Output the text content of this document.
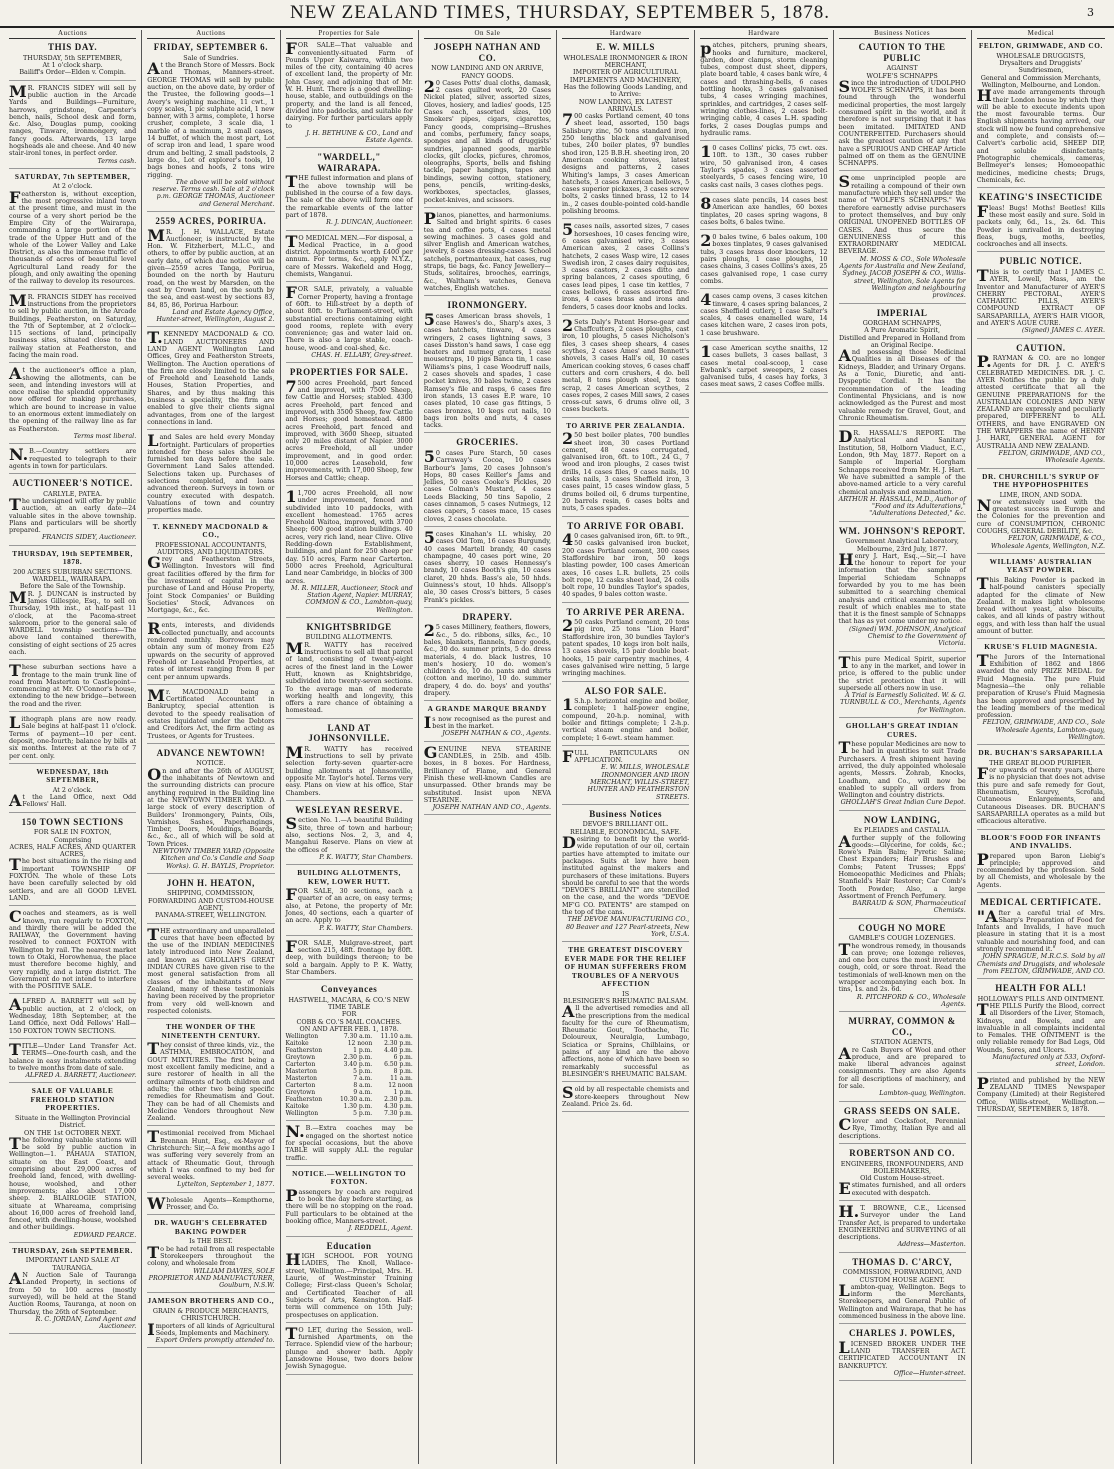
NEW ZEALAND TIMES, THURSDAY, SEPTEMBER 5, 1878.	3
Auctions
THIS DAY.
THURSDAY, 5th SEPTEMBER,
At 1 o'clock sharp.
Bailiff's Order—Elden v. Compin.
MR. FRANCIS SIDEY will sell by public auction in the Arcade Yards and Buildings—Furniture, harrows, grindstone, Carpenter's bench, nails, School desk and form, &c. Also, Douglas pump, cooking ranges, Tinware, ironmongery, and fancy goods. Afterwards, 13 large hogsheads ale and cheese. And 40 new stair-ironl tones, in perfect order.
Terms cash.
SATURDAY, 7th SEPTEMBER,
At 2 o'clock.
Featherston is, without exception, the most progressive inland town at the present time, and must in the course of a very short period be the Empire City of the Wairarapa, commanding a large portion of the trade of the Upper Hutt and of the whole of the Lower Valley and Lake District, as also the immense traffic of thousands of acres of beautiful level Agricultural Land ready for the plough, and only awaiting the opening of the railway to develop its resources.
MR. FRANCIS SIDEY has received instructions from the proprietors to sell by public auction, in the Arcade Buildings, Featherston, on Saturday, the 7th of September, at 2 o'clock—115 sections of land, principally business sites, situated close to the railway station at Featherston, and facing the main road.
At the auctioneer's office a plan, showing the allotments, can be seen, and intending investors will at once realise the splendid opportunity now offered for making purchases, which are bound to increase in value to an enormous extent immediately on the opening of the railway line as far as Featherston.
Terms most liberal.
N.B.—Country settlers are requested to telegraph to their agents in town for particulars.
AUCTIONEER'S NOTICE.
CARLYLE, PATEA.
The undersigned will offer by public auction, at an early date—24 valuable sites in the above township. Plans and particulars will be shortly prepared.
FRANCIS SIDEY, Auctioneer.
THURSDAY, 19th SEPTEMBER, 1878.
200 ACRES SUBURBAN SECTIONS.
WARDELL, WAIRARAPA.
Before the Sale of the Township.
MR. J. DUNCAN is instructed by James Gillespie, Esq., to sell on Thursday, 19th inst., at half-past 11 o'clock, at the Pacoma-street saleroom, prior to the general sale of WARDELL township sections—The above land contained therewith, consisting of eight sections of 25 acres each.
These suburban sections have a frontage to the main trunk line of road from Masterton to Castlepoint—commencing at Mr. O'Connor's house, extending to the new bridge—between the road and the river.
Lithograph plans are now ready. Sale begins at half-past 11 o'clock. Terms of payment—10 per cent. deposit, one-fourth; balance by bills at six months. Interest at the rate of 7 per cent. only.
WEDNESDAY, 18th SEPTEMBER,
At 2 o'clock.
At the Land Office, next Odd Fellows' Hall.
150 TOWN SECTIONS
FOR SALE IN FOXTON,
Comprising
ACRES, HALF ACRES, AND QUARTER ACRES,
The best situations in the rising and important TOWNSHIP OF FOXTON. The whole of these Lots have been carefully selected by old settlers, and are all GOOD LEVEL LAND.
Coaches and steamers, as is well known, run regularly to FOXTON, and thirdly there will be added the RAILWAY, the Government having resolved to connect FOXTON with Wellington by rail. The nearest market town to Otaki, Horowhenua, the place must therefore become highly, and very rapidly, and a large district. The Government do not intend to interfere with the POSITIVE SALE.
ALFRED A. BARRETT will sell by public auction, at 2 o'clock, on Wednesday, 18th September, at the Land Office, next Odd Fellows' Hall—150 FOXTON TOWN SECTIONS.
TITLE—Under Land Transfer Act. TERMS—One-fourth cash, and the balance in easy instalments extending to twelve months from date of sale.
ALFRED A. BARRETT, Auctioneer.
SALE OF VALUABLE FREEHOLD STATION PROPERTIES.
Situate in the Wellington Provincial District.
ON THE 1st OCTOBER NEXT.
The following valuable stations will be sold by public auction in Wellington—1. PAHAUA STATION, situate on the East Coast, and comprising about 29,000 acres of freehold land, fenced, with dwelling-house, woolshed, and other improvements; also about 17,000 sheep. 2. BLAIRLOGIE STATION, situate at Whareama, comprising about 16,000 acres of freehold land, fenced, with dwelling-house, woolshed and other buildings.
EDWARD PEARCE.
THURSDAY, 26th SEPTEMBER.
IMPORTANT LAND SALE AT TAURANGA.
AN Auction Sale of Tauranga Landed Property, in sections of from 50 to 100 acres (mostly surveyed), will be held at the Stand Auction Rooms, Tauranga, at noon on Thursday, the 26th of September.
R. C. JORDAN, Land Agent and Auctioneer.
Auctions
FRIDAY, SEPTEMBER 6.
Sale of Sundries.
At the Branch Store of Messrs. Bock and Thomas, Manners-street. GEORGE THOMAS will sell by public auction, on the above date, by order of the Trustee, the following goods—1 Avery's weighing machine, 11 cwt., 1 copy scales, 1 pic sulphate acid, 1 new banner, with 3 arms, complete, 1 horse crusher, complete, 3 scale dia, 1 marble of a maximum, 2 small cases, 14 buffet, of which the most part, Lot of scrap iron and lead, 1 spare wood drum and belting, 2 small padstools, 2 large do., Lot of explorer's tools, 10 bags bones and hoofs, 2 tons wire rigging.
The above will be sold without reserve. Terms cash. Sale at 2 o'clock p.m. GEORGE THOMAS, Auctioneer and General Merchant.
2559 ACRES, PORIRUA.
MR. J. H. WALLACE, Estate Auctioneer, is instructed by the Hon. W. Fitzherbert, M.L.C., and others, to offer by public auction, at an early date, of which due notice will be given—2559 acres Tanga, Porirua, bounded on the north by Hauturu road, on the west by Marsden, on the east by Crown land, on the south by the sea, and east-west by sections 83, 84, 85, 86, Porirua Harbour.
Land and Estate Agency Office, Hunter-street, Wellington, August 2.
T.KENNEDY MACDONALD & CO. LAND AUCTIONEERS AND LAND AGENT Wellington Land Offices, Grey and Featherston Streets, Wellington. The Auction operations of the firm are closely limited to the sale of Freehold and Leasehold Lands, Houses, Station Properties, and Shares, and by thus making this business a speciality, the firm are enabled to give their clients signal advantages, from one of the largest connections in land.
Land Sales are held every Monday fortnight. Particulars of properties intended for these sales should be furnished ten days before the sale. Government Land Sales attended. Selections taken up. Purchases of selections completed, and loans advanced thereon. Surveys in town or country executed with despatch. Valuations of town and country properties made.
T. KENNEDY MACDONALD & CO.,
PROFESSIONAL ACCOUNTANTS, AUDITORS, AND LIQUIDATORS.
Grey and Featherston Streets, Wellington. Investors will find great facilities offered by the firm for the investment of capital in the purchase of Land and House Property, Joint Stock Companies' or Building Societies' Stock, Advances on Mortgage, &c., &c.
Rents, interests, and dividends collected punctually, and accounts rendered monthly. Borrowers may obtain any sum of money from £25 upwards on the security of approved Freehold or Leasehold Properties, at rates of interest ranging from 8 per cent per annum upwards.
Mr. MACDONALD being a Certificated Accountant in Bankruptcy, special attention is devoted to the speedy realisation of estates liquidated under the Debtors and Creditors Act, the firm acting as Trustees, or Agents for Trustees.
ADVANCE NEWTOWN!
NOTICE.
On and after the 26th of AUGUST, the inhabitants of Newtown and the surrounding districts can procure anything required in the Building line at the NEWTOWN TIMBER YARD. A large stock of every description of Builders' Ironmongery, Paints, Oils, Varnishes, Sashes, Paperhangings, Timber, Doors, Mouldings, Boards, &c., &c., all of which will be sold at Town Prices.
NEWTOWN TIMBER YARD (Opposite Kitchen and Co.'s Candle and Soap Works). G. H. BAYLIS, Proprietor.
JOHN H. HEATON,
SHIPPING, COMMISSION,
FORWARDING AND CUSTOM-HOUSE AGENT,
PANAMA-STREET, WELLINGTON.
THE extraordinary and unparalleled cures that have been effected by the use of the INDIAN MEDICINES lately introduced into New Zealand, and known as GHOLLAH'S GREAT INDIAN CURES have given rise to the most general satisfaction from all classes of the inhabitants of New Zealand, many of these testimonials having been received by the proprietor from very old well-known and respected colonists.
THE WONDER OF THE NINETEENTH CENTURY.
They consist of three kinds, viz., the ASTHMA, EMBROCATION, and GOUT MIXTURES. The first being a most excellent family medicine, and a sure restorer of health in all the ordinary ailments of both children and adults; the other two being specific remedies for Rheumatism and Gout. They can be had of all Chemists and Medicine Vendors throughout New Zealand.
Testimonial received from Michael Brennan Hunt, Esq., ex-Mayor of Christchurch: Sir,—A few months ago I was suffering very severely from an attack of Rheumatic Gout, through which I was confined to my bed for several weeks.
Lyttelton, September 1, 1877.
Wholesale Agents—Kempthorne, Prosser, and Co.
DR. WAUGH'S CELEBRATED BAKING POWDER
Is THE BEST.
To be had retail from all respectable Storekeepers throughout the colony, and wholesale from
WILLIAM DAVIES, SOLE PROPRIETOR AND MANUFACTURER, Goulburn, N.S.W.
JAMESON BROTHERS AND CO.,
GRAIN & PRODUCE MERCHANTS,
CHRISTCHURCH.
Importers of all kinds of Agricultural Seeds, Implements and Machinery.
Export Orders promptly attended to.
Properties for Sale
FOR SALE—That valuable and conveniently-situated Farm of Pounds Upper Kaiwarra, within two miles of the city, containing 40 acres of excellent land, the property of Mr. John Casey, and adjoining that of Mr. W. H. Hunt. There is a good dwelling-house, stable, and outbuildings on the property, and the land is all fenced, divided into paddocks, and suitable for dairying. For further particulars apply to
J. H. BETHUNE & CO., Land and Estate Agents.
"WARDELL," WAIRARAPA.
THE fullest information and plans of the above township will be published in the course of a few days. The sale of the above will form one of the remarkable events of the latter part of 1878.
R. J. DUNCAN, Auctioneer.
TO MEDICAL MEN.—For disposal, a Medical Practice, in a good district. Appointments worth £400 per annum. For terms, &c., apply N.Y.Z., care of Messrs. Wakefield and Hogg, chemists, Wanganui.
FOR SALE, privately, a valuable Corner Property, having a frontage of 60ft. to Hill-street by a depth of about 80ft. to Parliament-street, with substantial erections containing eight good rooms, replete with every convenience; gas and water laid on. There is also a large stable, coach-house, wood- and coal-shed, &c.
CHAS. H. ELLABY, Grey-street.
PROPERTIES FOR SALE.
7500 acres Freehold, part fenced and improved, with 7500 Sheep, few Cattle and Horses; stabled. 4300 acres Freehold, part fenced and improved, with 3500 Sheep, few Cattle and Horses; good homestead. 4800 acres Freehold, part fenced and improved, with 3600 Sheep, situated only 20 miles distant of Napier. 3000 acres Freehold, all under improvement, and in good order. 10,000 acres Leasehold, few improvements, with 17,000 Sheep, few Horses and Cattle; cheap.
11,700 acres Freehold, all now under improvement, fenced and subdivided into 10 paddocks, with excellent homestead. 1765 acres Freehold Waitoa, improved, with 3700 Sheep; 600 good station buildings. 40 acres, very rich land, near Clive. Olive Redding-down Establishment, buildings, and plant for 250 sheep per day. 510 acres, Farm near Carterton. 5000 acres Freehold, Agricultural Land near Cambridge, in blocks of 300 acres.
M. R. MILLER, Auctioneer, Stock and Station Agent, Napier. MURRAY, COMMON & CO., Lambton-quay, Wellington.
KNIGHTSBRIDGE
BUILDING ALLOTMENTS.
MR. WATTY has received instructions to sell all that parcel of land, consisting of twenty-eight acres of the finest land in the Lower Hutt, known as Knightsbridge, subdivided into twenty-seven sections. To the average man of moderate working health and longevity, this offers a rare chance of obtaining a homestead.
LAND AT JOHNSONVILLE.
MR. WATTY has received instructions to sell by private selection forty-seven quarter-acre building allotments at Johnsonville, opposite Mr. Taylor's hotel. Terms very easy. Plans on view at his office, Star Chambers.
WESLEYAN RESERVE.
Section No. 1.—A beautiful Building Site, three of town and harbour; also, sections Nos. 2, 3, and 4, Mangahui Reserve. Plans on view at the offices of
P. K. WATTY, Star Chambers.
BUILDING ALLOTMENTS, KEW, LOWER HUTT.
FOR SALE, 30 sections, each a quarter of an acre, on easy terms; also, at Petone, the property of Mr. Jones, 40 sections, each a quarter of an acre. Apply to
P. K. WATTY, Star Chambers.
FOR SALE, Mulgrave-street, part section 215, 48ft. frontage by 80ft. deep, with buildings thereon; to be sold a bargain. Apply to P. K. Watty, Star Chambers.
Conveyances
HASTWELL, MACARA, & CO.'S NEW TIME TABLE
FOR
COBB & CO.'S MAIL COACHES.
ON AND AFTER FEB. 1, 1878.
Wellington	7.30 a.m.	11.10 a.m.
Kaitoke	12 noon	2.30 p.m.
Featherston	1 p.m.	4.40 p.m.
Greytown	2.30 p.m.	6 p.m.
Carterton	3.40 p.m.	6.50 p.m.
Masterton	5 p.m.	8 p.m.
Masterton	7 a.m.	11 a.m.
Carterton	8 a.m.	12 noon
Greytown	9 a.m.	1 p.m.
Featherston	10.30 a.m.	2.30 p.m.
Kaitoke	1.30 p.m.	4.30 p.m.
Wellington	5 p.m.	7.30 p.m.
N.B.—Extra coaches may be engaged on the shortest notice for special occasions, but the above TABLE will supply ALL the regular traffic.
NOTICE.—WELLINGTON TO FOXTON.
Passengers by coach are required to book the day before starting, as there will be no stopping on the road. Full particulars to be obtained at the booking office, Manners-street.
J. REDDELL, Agent.
Education
HIGH SCHOOL FOR YOUNG LADIES, The Knoll, Wallace-street, Wellington.—Principal, Mrs. H. Laurie, of Westminster Training College; First-class Queen's Scholar, and Certificated Teacher of all Subjects of Arts, Kensington. Half-term will commence on 15th July; prospectuses on application.
TO LET, during the Session, well-furnished Apartments, on the Terrace. Splendid view of the harbour; plunge and shower bath. Apply Lansdowne House, two doors below Jewish Synagogue.
On Sale
JOSEPH NATHAN AND CO.
NOW LANDING AND ON ARRIVE,
FANCY GOODS.
20 Cases Potts' dual cloths, damask, 2 cases quilted work, 20 Cases Nickel plated, silver, assorted sizes, Gloves, hosiery, and ladies' goods, 125 Cases each, assorted sizes, 100 Smokers' pipes, cigars, cigarettes, Fancy goods, comprising—Brushes and combs, perfumery, fancy soaps, sponges and all kinds of druggists' sundries, japanned goods, marble clocks, gilt clocks, pictures, chromos, oleographs, Sports, bells and fishing tackle, paper hangings, tapes and bindings, sewing cotton, stationery, pens, pencils, writing-desks, workboxes, spectacles, glasses, pocket-knives, and scissors.
Pianos, pianettes, and harmoniums. Salted and bright spirits. 6 cases tea and coffee pots, 4 cases metal sewing machines. 3 cases gold and silver English and American watches, jewelry, 8 cases dressing-cases. School satchels, portmanteaux, hat cases, rug straps, tie bags, &c. Fancy Jewellery—Studs, solitaires, brooches, earrings, &c., Waltham's watches, Geneva watches, English watches.
IRONMONGERY.
5cases American brass shovels, 1 case Hawes's do., Sharp's axes, 3 cases hatchets, tinware, 4 cases wringers, 2 cases lightning saws, 3 cases Disston's hand saws, 1 case egg beaters and nutmeg graters, 1 case mousetraps, 10 pigs Banca tin, 1 case Wiliams's pins, 1 case Woodruff nails, 2 cases shovels and spades, 1 case pocket knives, 30 bales twine, 2 cases Ramsey's file and rasps, 6 cases fire iron stands, 13 cases E.P. ware, 10 cases plated, 10 case gas fittings, 5 cases bronzes, 10 kegs cut nails, 10 bags iron bolts and nuts, 4 cases tacks.
GROCERIES.
50 cases Pure Starch, 50 cases Carraway's Cocoa, 10 cases Barbour's Jams, 20 cases Johnson's Hops, 80 cases Keiller's Jams and Jellies, 50 cases Cooke's Pickles, 20 cases Colman's Mustard, 4 cases Leeds Blacking, 50 tins Sapolio, 2 cases cinnamon, 5 cases Nutmegs, 12 cases capers, 5 cases mace, 15 cases cloves, 2 cases chocolate.
5cases Kinahan's LL whisky, 20 cases Old Tom, 16 cases Burgundy, 40 cases Martell brandy, 40 cases champagne, 40 cases port wine, 20 cases sherry, 10 cases Hennessy's brandy, 10 cases Booth's gin, 10 cases claret, 20 hhds. Bass's ale, 50 hhds. Guinness's stout, 10 hhds. Allsopp's ale, 30 cases Cross's bitters, 5 cases Frank's pickles.
DRAPERY.
25 cases Millinery, feathers, flowers, &c., 5 do. ribbons, silks, &c., 10 bales, blankets, flannels, fancy goods, &c., 30 do. summer prints, 5 do. dress materials, 4 do. black lustres, 10 men's hosiery, 10 do. women's children's do, 10 do. pants and shirts (cotton and merino), 10 do. summer drapery, 4 do. do. boys' and youths' drapery.
A GRANDE MARQUE BRANDY
Is now recognised as the purest and best in the market.
JOSEPH NATHAN & CO., Agents.
GENUINE NEVA STEARINE CANDLES, in 25lb. and 45lb. boxes, in 8 boxes. For Hardness, Brilliancy of Flame, and General Finish these well-known Candles are unsurpassed. Other brands may be substituted. Insist upon NEVA STEARINE.
JOSEPH NATHAN AND CO., Agents.
Hardware
E. W. MILLS
WHOLESALE IRONMONGER & IRON MERCHANT,
IMPORTER OF AGRICULTURAL IMPLEMENTS AND MACHINERY,
Has the following Goods Landing, and to Arrive:
NOW LANDING, EX LATEST ARRIVALS.
700 casks Portland cement, 40 tons sheet lead, assorted, 150 bags Salisbury zinc, 50 tons standard iron, 250 lengths black and galvanised tubes, 240 boiler plates, 97 bundles shod iron, 125 B.B.H. sheeting iron, 20 American cooking stoves, latest designs and patterns, 2 cases Whiting's lamps, 3 cases American hatchets, 3 cases American bellows, 5 cases superior pickaxes, 3 cases screw bolts, 2 casks tinned brass, 12 to 14 in., 2 cases double-pointed cold-handle polishing brooms.
5cases nails, assorted sizes, 7 cases horseshoes, 10 cases fencing wire, 6 cases galvanised wire, 3 cases American axes, 2 cases Collins's hatchets, 2 cases Wasp wire, 12 cases Swedish iron, 2 cases dairy requisites, 3 cases castors, 2 cases ditto and spring balances, 2 cases spouting, 6 cases lead pipes, 1 case tin kettles, 7 cases bellows, 6 cases assorted fire-irons, 4 cases brass and irons and fenders, 5 cases door knobs and locks.
2Sets Daly's Patent Horse-gear and Chaffcutters, 2 cases ploughs, cast iron, 10 ploughs, 5 cases Nicholson's files, 3 cases sheep shears, 4 cases scythes, 2 cases Ames' and Bennett's shovels, 3 cases Hall's oil, 10 cases American cooking stoves, 6 cases chaff cutters and corn crushers, 4 do. bell metal, 8 tons plough steel, 2 tons scrap, 2 cases American scythes, 2 cases ropes, 2 cases Mill saws, 2 cases cross-cut saws, 6 drums olive oil, 3 cases buckets.
TO ARRIVE PER ZEALANDIA.
250 best boiler plates, 700 bundles sheet iron, 30 cases Portland cement, 48 cases corrugated, galvanised iron, 6ft. to 10ft., 24 G., 7 wood and iron ploughs, 2 cases twist drills, 14 cases files, 9 cases nails, 10 casks nails, 3 cases Sheffield iron, 3 cases paint, 15 cases window glass, 5 drums boiled oil, 6 drums turpentine, 20 barrels resin, 6 cases bolts and nuts, 5 cases spades.
TO ARRIVE FOR OBABI.
40 cases galvanised iron, 6ft. to 9ft., 50 casks galvanised iron bucket, 200 cases Portland cement, 300 cases Staffordshire bar iron, 50 kegs blasting powder, 100 cases American axes, 16 cases L.R. bullets, 25 coils bolt rope, 12 casks sheet lead, 24 coils bolt rope, 10 bundles Taylor's spades, 40 spades, 9 bales cotton waste.
TO ARRIVE PER ARENA.
250 casks Portland cement, 20 tons pig iron, 25 tons "Lion Hard" Staffordshire iron, 30 bundles Taylor's patent spades, 10 kegs iron bolt nails, 13 cases shovels, 15 pair double boat-hooks, 15 pair carpentry machines, 4 cases galvanised wire netting, 5 large wringing machines.
ALSO FOR SALE.
1S.h.p. horizontal engine and boiler, complete; 1 half-power engine, compound, 20-h.p. nominal, with boiler and fittings complete; 1 2-h.p. vertical steam engine and boiler, complete; 1 6-ewt. steam hammer.
FULL PARTICULARS ON APPLICATION.
E. W. MILLS, WHOLESALE IRONMONGER AND IRON MERCHANT, WILLIS-STREET, HUNTER AND FEATHERSTON STREETS.
Business Notices
DEVOE'S BRILLIANT OIL.
RELIABLE, ECONOMICAL, SAFE.
Desiring to benefit by the world-wide reputation of our oil, certain parties have attempted to imitate our packages. Suits at law have been instituted against the makers and purchasers of these imitations. Buyers should be careful to see that the words "DEVOE'S BRILLIANT" are stencilled on the case, and the words "DEVOE MF'G CO. PATENTS" are stamped on the top of the cans.
THE DEVOE MANUFACTURING CO., 80 Beaver and 127 Pearl-streets, New York, U.S.A.
THE GREATEST DISCOVERY EVER MADE FOR THE RELIEF OF HUMAN SUFFERERS FROM TROUBLES OF A NERVOUS AFFECTION
IS
BLESINGER'S RHEUMATIC BALSAM.
All the advertised remedies and all the prescriptions from the medical faculty for the cure of Rheumatism, Rheumatic Gout, Toothache, Tic Doloureux, Neuralgia, Lumbago, Sciatica or Sprains, Chilblains, or pains of any kind are the above affections, none of which have been so remarkably successful as BLESINGER'S RHEUMATIC BALSAM.
Sold by all respectable chemists and store-keepers throughout New Zealand. Price 2s. 6d.
Hardware
patches, pitchers, pruning shears, hooks and furniture, mackerel, garden, door clamps, storm cleaning tubes, compost dust sheet, dippers, plate board table, 4 cases bank wire, 4 cases and thrashing-bells, 6 cases bottling hooks, 3 cases galvanised tubs, 4 cases wringing machines, sprinkles, and cartridges, 2 cases self-wringing clothes-lines, 2 cases bolt-wringing cable, 4 cases L.H. spading forks, 2 cases Douglas pumps and hydraulic rams.
10 cases Collins' picks, 75 cwt. ozs. 10ft. to 13ft., 30 cases rubber wire, 50 galvanised iron, 4 cases Taylor's spades, 3 cases assorted steelyards, 5 cases fencing wire, 10 casks cast nails, 3 cases clothes pegs.
8cases slate pencils, 14 cases best American axe handles, 60 boxes tinplates, 20 cases spring wagons, 8 cases bolts, 6 bales twine.
20 bales twine, 6 bales oakum, 100 boxes tinplates, 9 cases galvanised tubs, 3 cases brass door knockers, 12 pairs ploughs, 1 case ploughs, 10 cases chains, 3 cases Collins's axes, 25 cases galvanised rope, 1 case curry combs.
4cases camp ovens, 3 cases kitchen tinware, 4 cases spring balances, 2 cases Sheffield cutlery, 1 case Salter's scales, 4 cases enamelled ware, 14 cases kitchen ware, 2 cases iron pots, 1 case brushware.
1case American scythe snaiths, 12 cases bullets, 3 cases ballast, 3 cases metal coal-scoop, 1 case Ewbank's carpet sweepers, 2 cases galvanised tubs, 4 cases hay forks, 3 cases meat saws, 2 cases Coffee mills.
Business Notices
CAUTION TO THE PUBLIC
AGAINST
WOLFE'S SCHNAPPS
Since the introduction of UDOLPHO WOLFE'S SCHNAPPS, it has been found through the wonderful medicinal properties, the most largely consumed spirit in the world, and it therefore is not surprising that it has been imitated. IMITATED AND COUNTERFEITED. Purchasers should ask the greatest caution of any that have a SPURIOUS AND CHEAP Article palmed off on them as the GENUINE SCHNAPPS.
Some unprincipled people are retailing a compound of their own manufacture which they sell under the name of "WOLFE'S SCHNAPPS." We therefore earnestly advise purchasers to protect themselves, and buy only ORIGINAL UNOPENED BOTTLES OF CASES. And thus secure the GENUINENESS of this EXTRAORDINARY MEDICAL BEVERAGE.
M. MOSS & CO., Sole Wholesale Agents for Australia and New Zealand, Sydney. JACOB JOSEPH & CO., Willis-street, Wellington, Sole Agents for Wellington and neighbouring provinces.
IMPERIAL
GORGHAM SCHNAPPS,
A Pure Aromatic Spirit,
Distilled and Prepared in Holland from an Original Recipe.
And possessing those Medicinal Qualities in all Diseases of the Kidneys, Bladder, and Urinary Organs. As a Tonic, Diuretic, and anti-Dyspeptic Cordial. It has the recommendation of the leading Continental Physicians, and is now acknowledged as the Purest and most valuable remedy for Gravel, Gout, and Chronic Rheumatism.
DR. HASSALL'S REPORT. The Analytical and Sanitary Institution, 58, Holborn Viaduct, E.C., London, 9th May, 1877. Report on a Sample of Imperial Gorgham Schnapps received from Mr. H. J. Hart. We have submitted a sample of the above-named article to a very careful chemical analysis and examination.
ARTHUR H. HASSALL, M.D., Author of "Food and its Adulterations," "Adulterations Detected," &c.
WM. JOHNSON'S REPORT.
Government Analytical Laboratory,
Melbourne, 23rd July, 1877.
Henry J. Hart, Esq.,—Sir,—I have the honour to report for your information that the sample of Imperial Schiedam Schnapps forwarded by you to me has been submitted to a searching chemical analysis and critical examination, the result of which enables me to state that it is the finest sample of Schnapps that has as yet come under my notice.
(Signed) WM. JOHNSON, Analytical Chemist to the Government of Victoria.
This pure Medical Spirit, superior to any in the market, and lower in price, is offered to the public under the strict protection that it will supersede all others now in use.
A Trial is Earnestly Solicited. W. & G. TURNBULL & CO., Merchants, Agents for Wellington.
GHOLLAH'S GREAT INDIAN CURES.
These popular Medicines are now to be had in quantities to suit Trade Purchasers. A fresh shipment having arrived, the duly appointed wholesale agents, Messrs. Zohrab, Knocks, Loadham, and Co., will now be enabled to supply all orders from Wellington and country districts.
GHOLLAH'S Great Indian Cure Depot.
NOW LANDING,
Ex PLEIADES and CASTALIA.
Afurther supply of the following goods:—Glycerine, for colds, &c.; Rowe's Pain Balm; Pyretic Saline; Chest Expanders; Hair Brushes and Combs; Patent Trusses; Epps' Homoeopathic Medicines and Phials; Stanfield's Hair Restorer; Car Comb's Tooth Powder; Also, a large Assortment of French Perfumery.
BARRAUD & SON, Pharmaceutical Chemists.
COUGH NO MORE
GAMBLE'S COUGH LOZENGES.
The wondrous remedy, in thousands can prove; one lozenge relieves, and one box cures the most inveterate cough, cold, or sore throat. Read the testimonials of well-known men on the wrapper accompanying each box. In tins, 1s. and 2s. 6d.
R. PITCHFORD & CO., Wholesale Agents.
MURRAY, COMMON & CO.,
STATION AGENTS,
Are Cash Buyers of Wool and other produce, and are prepared to make liberal advances against consignments. They are also Agents for all descriptions of machinery, and for sale.
Lambton-quay, Wellington.
GRASS SEEDS ON SALE.
Clover and Cocksfoot, Perennial Rye, Timothy, Italian Rye and all descriptions.
ROBERTSON AND CO.
ENGINEERS, IRONFOUNDERS, AND BOILERMAKERS,
Old Custom House-street.
Estimates furnished, and all orders executed with despatch.
H.T. BROWNE, C.E., Licensed Surveyor under the Land Transfer Act, is prepared to undertake ENGINEERING and SURVEYING of all descriptions.
Address—Masterton.
THOMAS D. C'ARCY,
COMMISSION, FORWARDING, AND CUSTOM HOUSE AGENT.
Lambton-quay, Wellington. Begs to inform the Merchants, Storekeepers, and General Public of Wellington and Wairarapa, that he has commenced business in the above line.
CHARLES J. POWLES,
LICENSED BROKER UNDER THE LAND TRANSFER ACT. CERTIFICATED ACCOUNTANT IN BANKRUPTCY.
Office—Hunter-street.
Medical
FELTON, GRIMWADE, AND CO.
WHOLESALE DRUGGISTS,
Drysalters and Druggists' Sundriesmen,
General and Commission Merchants,
Wellington, Melbourne, and London.
Have made arrangements through their London house by which they will be able to execute indents upon the most favourable terms. Our English shipments having arrived, our stock will now be found comprehensive and complete, and consists of:—Calvert's carbolic acid, SHEEP DIP, and soluble disinfectants; Photographic chemicals, cameras, Bellmeyer's lenses; Homoeopathic medicines, medicine chests; Drugs, Chemicals, &c.
KEATING'S INSECTICIDE
Fleas! Bugs! Moths! Beetles! Kills these most easily and sure. Sold in packets only, 6d., 1s., 2s. 6d. This Powder is unrivalled in destroying fleas, bugs, moths, beetles, cockroaches and all insects.
PUBLIC NOTICE.
This is to certify that I JAMES C. AYER, Lowell, Mass, am the Inventor and Manufacturer of AYER'S CHERRY PECTORAL, AYER'S CATHARTIC PILLS, AYER'S COMPOUND EXTRACT OF SARSAPARILLA, AYER'S HAIR VIGOR, and AYER'S AGUE CURE.
(Signed) JAMES C. AYER.
CAUTION.
P.RAYMAN & CO. are no longer Agents for DR. J. C. AYER'S CELEBRATED MEDICINES. DR. J. C. AYER Notifies the public by a duly attested certificate that all the GENUINE PREPARATIONS for the AUSTRALIAN COLONIES AND NEW ZEALAND are expressly and peculiarly prepared, DIFFERENT to ALL OTHERS, and have ENGRAVED ON THE WRAPPERS the name of HENRY J. HART, GENERAL AGENT for AUSTRALIA AND NEW ZEALAND.
FELTON, GRIMWADE, AND CO., Wholesale Agents.
DR. CHURCHILL'S SYRUP OF THE HYPOPHOSPHITES
LIME, IRON, AND SODA.
Now extensively used with the greatest success in Europe and the Colonies for the prevention and cure of CONSUMPTION, CHRONIC COUGHS, GENERAL DEBILITY, &c.
FELTON, GRIMWADE, & CO., Wholesale Agents, Wellington, N.Z.
WILLIAMS' AUSTRALIAN YEAST POWDER.
This Baking Powder is packed in half-pound canisters specially adapted for the climate of New Zealand. It makes light wholesome bread without yeast, also biscuits, cakes, and all kinds of pastry without eggs, and with less than half the usual amount of butter.
KRUSE'S FLUID MAGNESIA.
The Jurors of the International Exhibition of 1862 and 1866 awarded the only PRIZE MEDAL for Fluid Magnesia. The pure Fluid Magnesia—the only reliable preparation of Kruse's Fluid Magnesia has been approved and prescribed by the leading members of the medical profession.
FELTON, GRIMWADE, AND CO., Sole Wholesale Agents, Lambton-quay, Wellington.
DR. BUCHAN'S SARSAPARILLA
THE GREAT BLOOD PURIFIER.
For upwards of twenty years, there is no physician that does not advise this pure and safe remedy for Gout, Rheumatism, Scurvy, Scrofula, Cutaneous Enlargements, and Cutaneous Diseases. DR. BUCHAN'S SARSAPARILLA operates as a mild but efficacious alterative.
BLOOR'S FOOD FOR INFANTS AND INVALIDS.
Prepared upon Baron Liebig's principle; approved and recommended by the profession. Sold by all Chemists, and wholesale by the Agents.
MEDICAL CERTIFICATE.
"After a careful trial of Mrs. Sharp's Preparation of Food for Infants and Invalids, I have much pleasure in stating that it is a most valuable and nourishing food, and can strongly recommend it."
JOHN SPRAGUE, M.R.C.S. Sold by all Chemists and Druggists, and wholesale from FELTON, GRIMWADE, AND CO.
HEALTH FOR ALL!
HOLLOWAY'S PILLS AND OINTMENT.
THE PILLS Purify the Blood, correct all Disorders of the Liver, Stomach, Kidneys, and Bowels, and are invaluable in all complaints incidental to Females. THE OINTMENT is the only reliable remedy for Bad Legs, Old Wounds, Sores, and Ulcers.
Manufactured only at 533, Oxford-street, London.
Printed and published by the NEW ZEALAND TIMES Newspaper Company (Limited) at their Registered Office, Willis-street, Wellington.—THURSDAY, SEPTEMBER 5, 1878.
